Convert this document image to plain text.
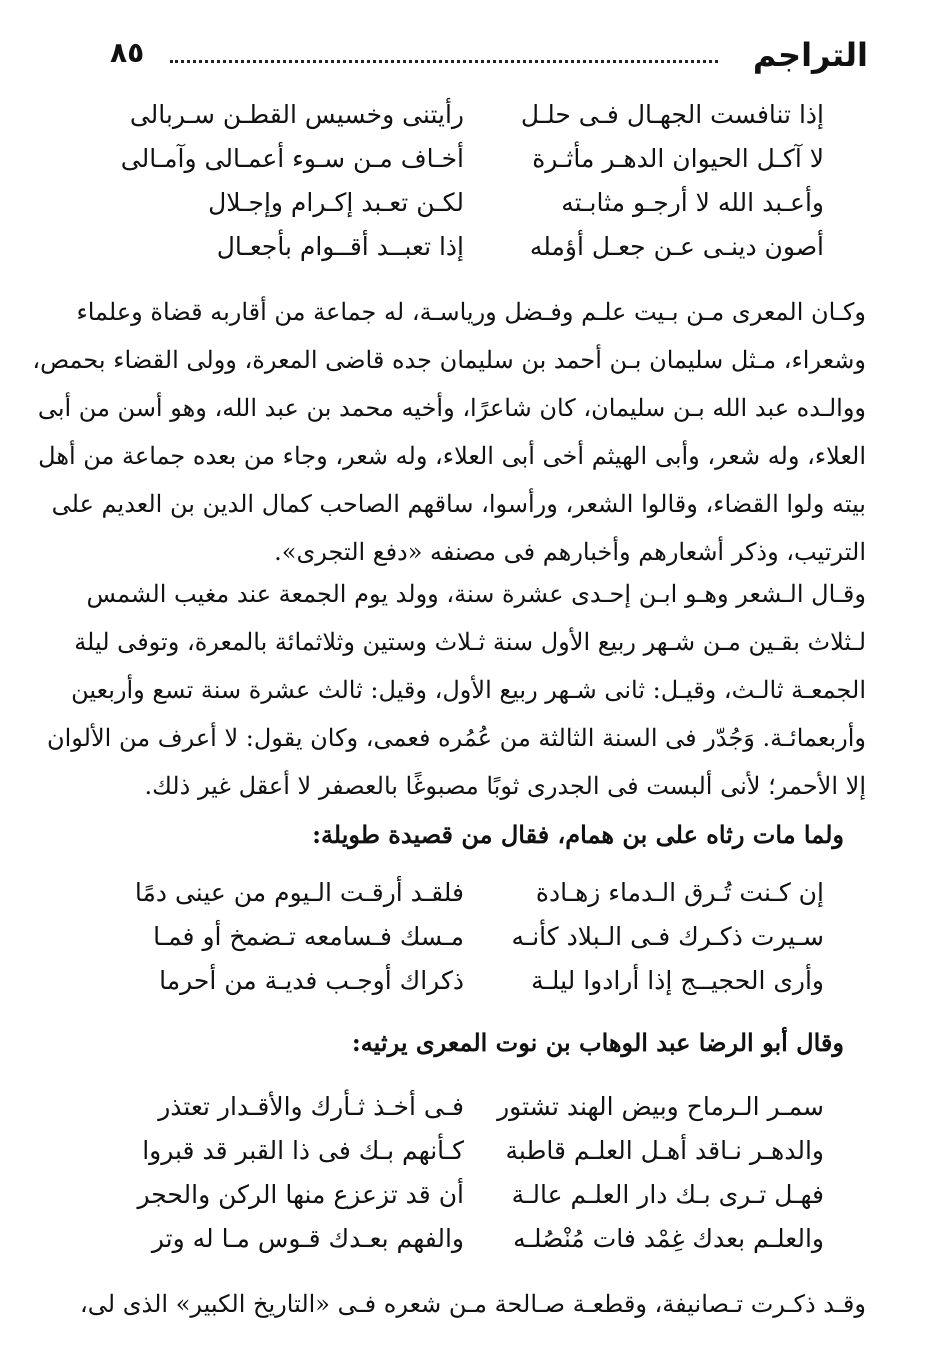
التراجم
٨٥
إذا تنافست الجهـال فـى حلـل
رأيتنى وخسيس القطـن سـربالى
لا آكـل الحيوان الدهـر مأثـرة
أخـاف مـن سـوء أعمـالى وآمـالى
وأعـبد الله لا أرجـو مثابـته
لكـن تعـبد إكـرام وإجـلال
أصون دينـى عـن جعـل أؤمله
إذا تعبــد أقــوام بأجعـال
وكـان المعرى مـن بـيت علـم وفـضل ورياسـة، له جماعة من أقاربه قضاة وعلماء
وشعراء، مـثل سليمان بـن أحمد بن سليمان جده قاضى المعرة، وولى القضاء بحمص،
ووالـده عبد الله بـن سليمان، كان شاعرًا، وأخيه محمد بن عبد الله، وهو أسن من أبى
العلاء، وله شعر، وأبى الهيثم أخى أبى العلاء، وله شعر، وجاء من بعده جماعة من أهل
بيته ولوا القضاء، وقالوا الشعر، ورأسوا، ساقهم الصاحب كمال الدين بن العديم على
الترتيب، وذكر أشعارهم وأخبارهم فى مصنفه «دفع التجرى».
وقـال الـشعر وهـو ابـن إحـدى عشرة سنة، وولد يوم الجمعة عند مغيب الشمس
لـثلاث بقـين مـن شـهر ربيع الأول سنة ثـلاث وستين وثلاثمائة بالمعرة، وتوفى ليلة
الجمعـة ثالـث، وقيـل: ثانى شـهر ربيع الأول، وقيل: ثالث عشرة سنة تسع وأربعين
وأربعمائـة. وَجُدّر فى السنة الثالثة من عُمُره فعمى، وكان يقول: لا أعرف من الألوان
إلا الأحمر؛ لأنى ألبست فى الجدرى ثوبًا مصبوغًا بالعصفر لا أعقل غير ذلك.
ولما مات رثاه على بن همام، فقال من قصيدة طويلة:
إن كـنت تُـرق الـدماء زهـادة
فلقـد أرقـت الـيوم من عينى دمًا
سـيرت ذكـرك فـى الـبلاد كأنـه
مـسك فـسامعه تـضمخ أو فمـا
وأرى الحجيــج إذا أرادوا ليلـة
ذكراك أوجـب فديـة من أحرما
وقال أبو الرضا عبد الوهاب بن نوت المعرى يرثيه:
سمـر الـرماح وبيض الهند تشتور
فـى أخـذ ثـأرك والأقـدار تعتذر
والدهـر نـاقد أهـل العلـم قاطبة
كـأنهم بـك فى ذا القبر قد قبروا
فهـل تـرى بـك دار العلـم عالـة
أن قد تزعزع منها الركن والحجر
والعلـم بعدك غِمْد فات مُنْصُلـه
والفهم بعـدك قـوس مـا له وتر
وقـد ذكـرت تـصانيفة، وقطعـة صـالحة مـن شعره فـى «التاريخ الكبير» الذى لى،
